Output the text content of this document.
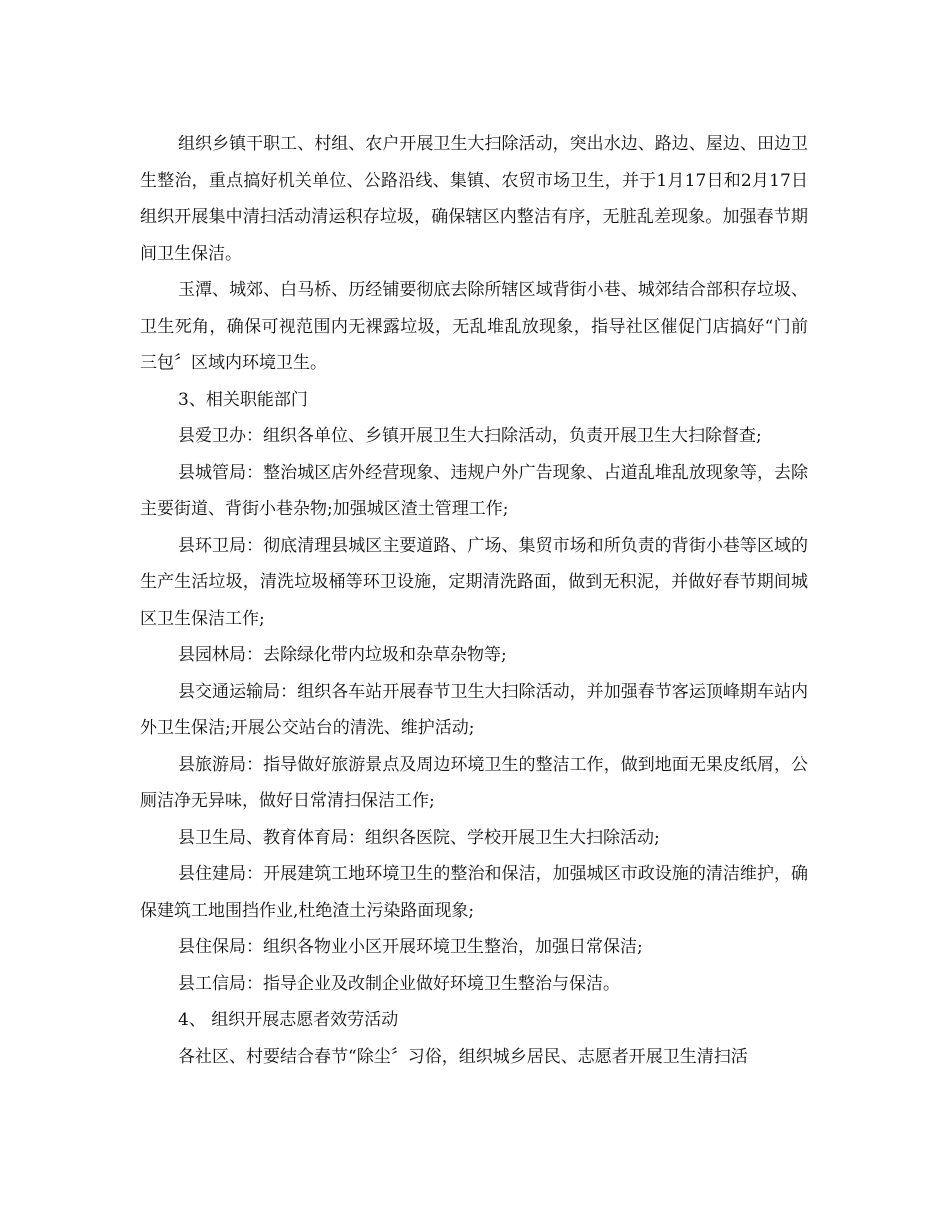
组织乡镇干职工、村组、农户开展卫生大扫除活动，突出水边、路边、屋边、田边卫生整治，重点搞好机关单位、公路沿线、集镇、农贸市场卫生，并于1月17日和2月17日组织开展集中清扫活动清运积存垃圾，确保辖区内整洁有序，无脏乱差现象。加强春节期间卫生保洁。

玉潭、城郊、白马桥、历经铺要彻底去除所辖区域背街小巷、城郊结合部积存垃圾、卫生死角，确保可视范围内无裸露垃圾，无乱堆乱放现象，指导社区催促门店搞好“门前三包〞区域内环境卫生。

3、相关职能部门

县爱卫办：组织各单位、乡镇开展卫生大扫除活动，负责开展卫生大扫除督查;

县城管局：整治城区店外经营现象、违规户外广告现象、占道乱堆乱放现象等，去除主要街道、背街小巷杂物;加强城区渣土管理工作;

县环卫局：彻底清理县城区主要道路、广场、集贸市场和所负责的背街小巷等区域的生产生活垃圾，清洗垃圾桶等环卫设施，定期清洗路面，做到无积泥，并做好春节期间城区卫生保洁工作;

县园林局：去除绿化带内垃圾和杂草杂物等;

县交通运输局：组织各车站开展春节卫生大扫除活动，并加强春节客运顶峰期车站内外卫生保洁;开展公交站台的清洗、维护活动;

县旅游局：指导做好旅游景点及周边环境卫生的整洁工作，做到地面无果皮纸屑，公厕洁净无异味，做好日常清扫保洁工作;

县卫生局、教育体育局：组织各医院、学校开展卫生大扫除活动;

县住建局：开展建筑工地环境卫生的整治和保洁，加强城区市政设施的清洁维护，确保建筑工地围挡作业,杜绝渣土污染路面现象;

县住保局：组织各物业小区开展环境卫生整治，加强日常保洁;

县工信局：指导企业及改制企业做好环境卫生整治与保洁。

4、 组织开展志愿者效劳活动

各社区、村要结合春节“除尘〞习俗，组织城乡居民、志愿者开展卫生清扫活
